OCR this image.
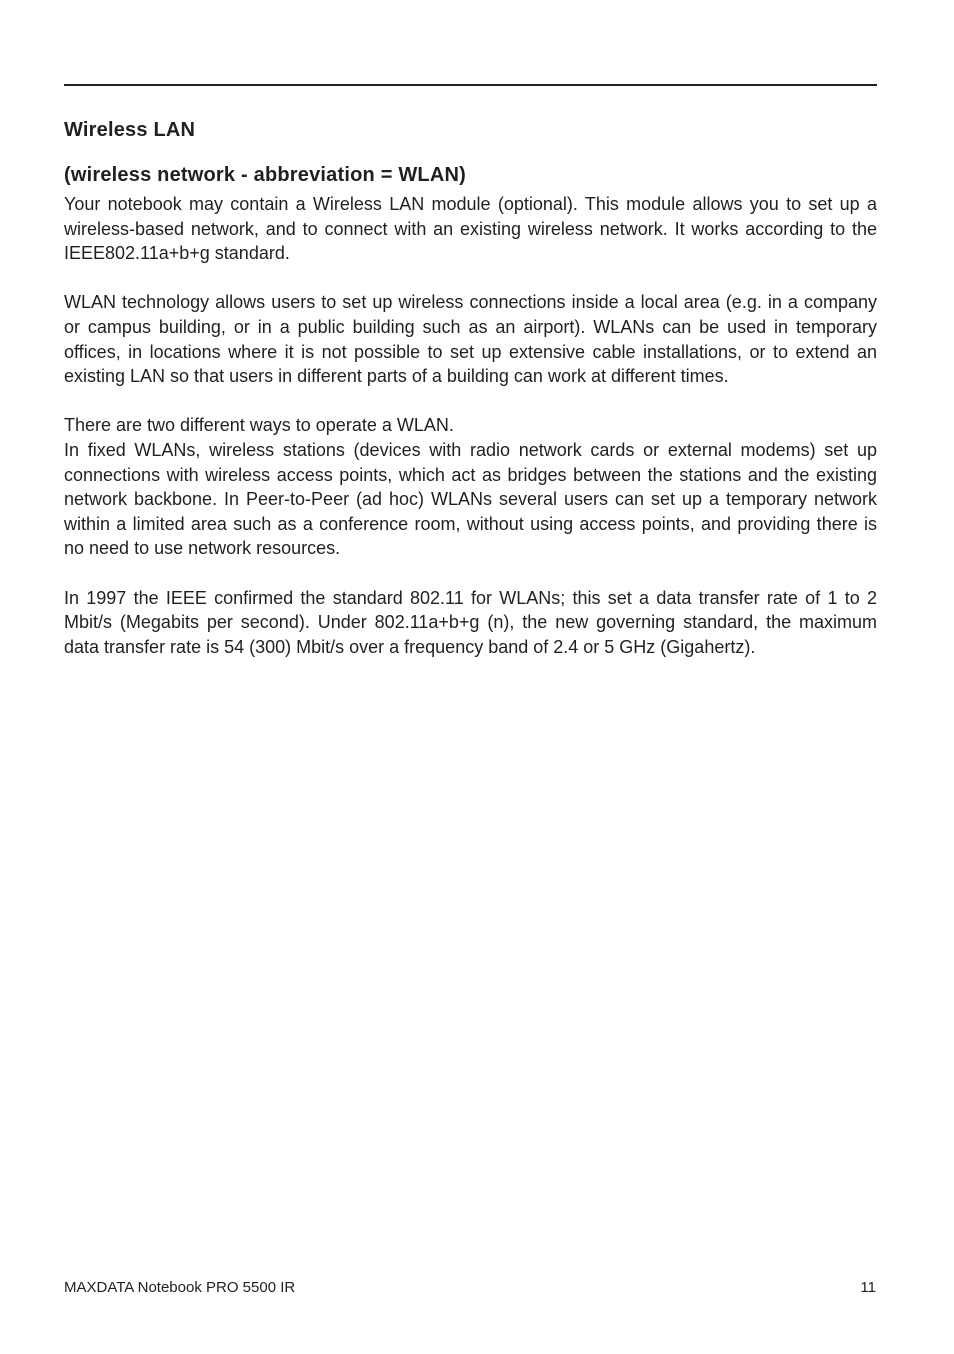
Wireless LAN
(wireless network - abbreviation = WLAN)

Your notebook may contain a Wireless LAN module (optional). This module allows you to set up a wireless-based network, and to connect with an existing wireless network. It works according to the IEEE802.11a+b+g standard.

WLAN technology allows users to set up wireless connections inside a local area (e.g. in a company or campus building, or in a public building such as an airport). WLANs can be used in temporary offices, in locations where it is not possible to set up extensive cable installations, or to extend an existing LAN so that users in different parts of a building can work at different times.

There are two different ways to operate a WLAN.

In fixed WLANs, wireless stations (devices with radio network cards or external modems) set up connections with wireless access points, which act as bridges between the stations and the existing network backbone. In Peer-to-Peer (ad hoc) WLANs several users can set up a temporary network within a limited area such as a conference room, without using access points, and providing there is no need to use network resources.

In 1997 the IEEE confirmed the standard 802.11 for WLANs; this set a data transfer rate of 1 to 2 Mbit/s (Megabits per second). Under 802.11a+b+g (n), the new governing standard, the maximum data transfer rate is 54 (300) Mbit/s over a frequency band of 2.4 or 5 GHz (Gigahertz).

MAXDATA Notebook PRO 5500 IR	11
